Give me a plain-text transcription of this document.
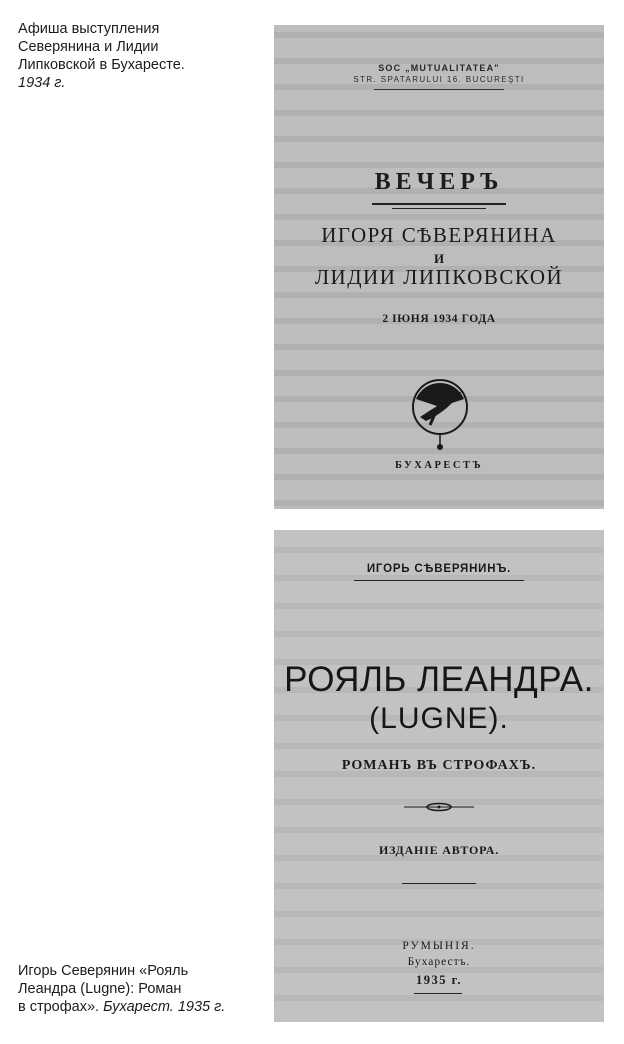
Афиша выступления
Северянина и Лидии
Липковской в Бухаресте.
1934 г.
Игорь Северянин «Рояль
Леандра (Lugne): Роман
в строфах». Бухарест. 1935 г.
SOC „MUTUALITATEA"
STR. SPATARULUI 16. BUCUREŞTI
ВЕЧЕРЪ
ИГОРЯ СѢВЕРЯНИНА
И
ЛИДИИ ЛИПКОВСКОЙ
2 ІЮНЯ 1934 ГОДА
БУХАРЕСТЪ
ИГОРЬ СѢВЕРЯНИНЪ.
РОЯЛЬ ЛЕАНДРА.
(LUGNE).
РОМАНЪ ВЪ СТРОФАХЪ.
ИЗДАНІЕ АВТОРА.
РУМЫНІЯ.
Бухарестъ.
1935 г.
